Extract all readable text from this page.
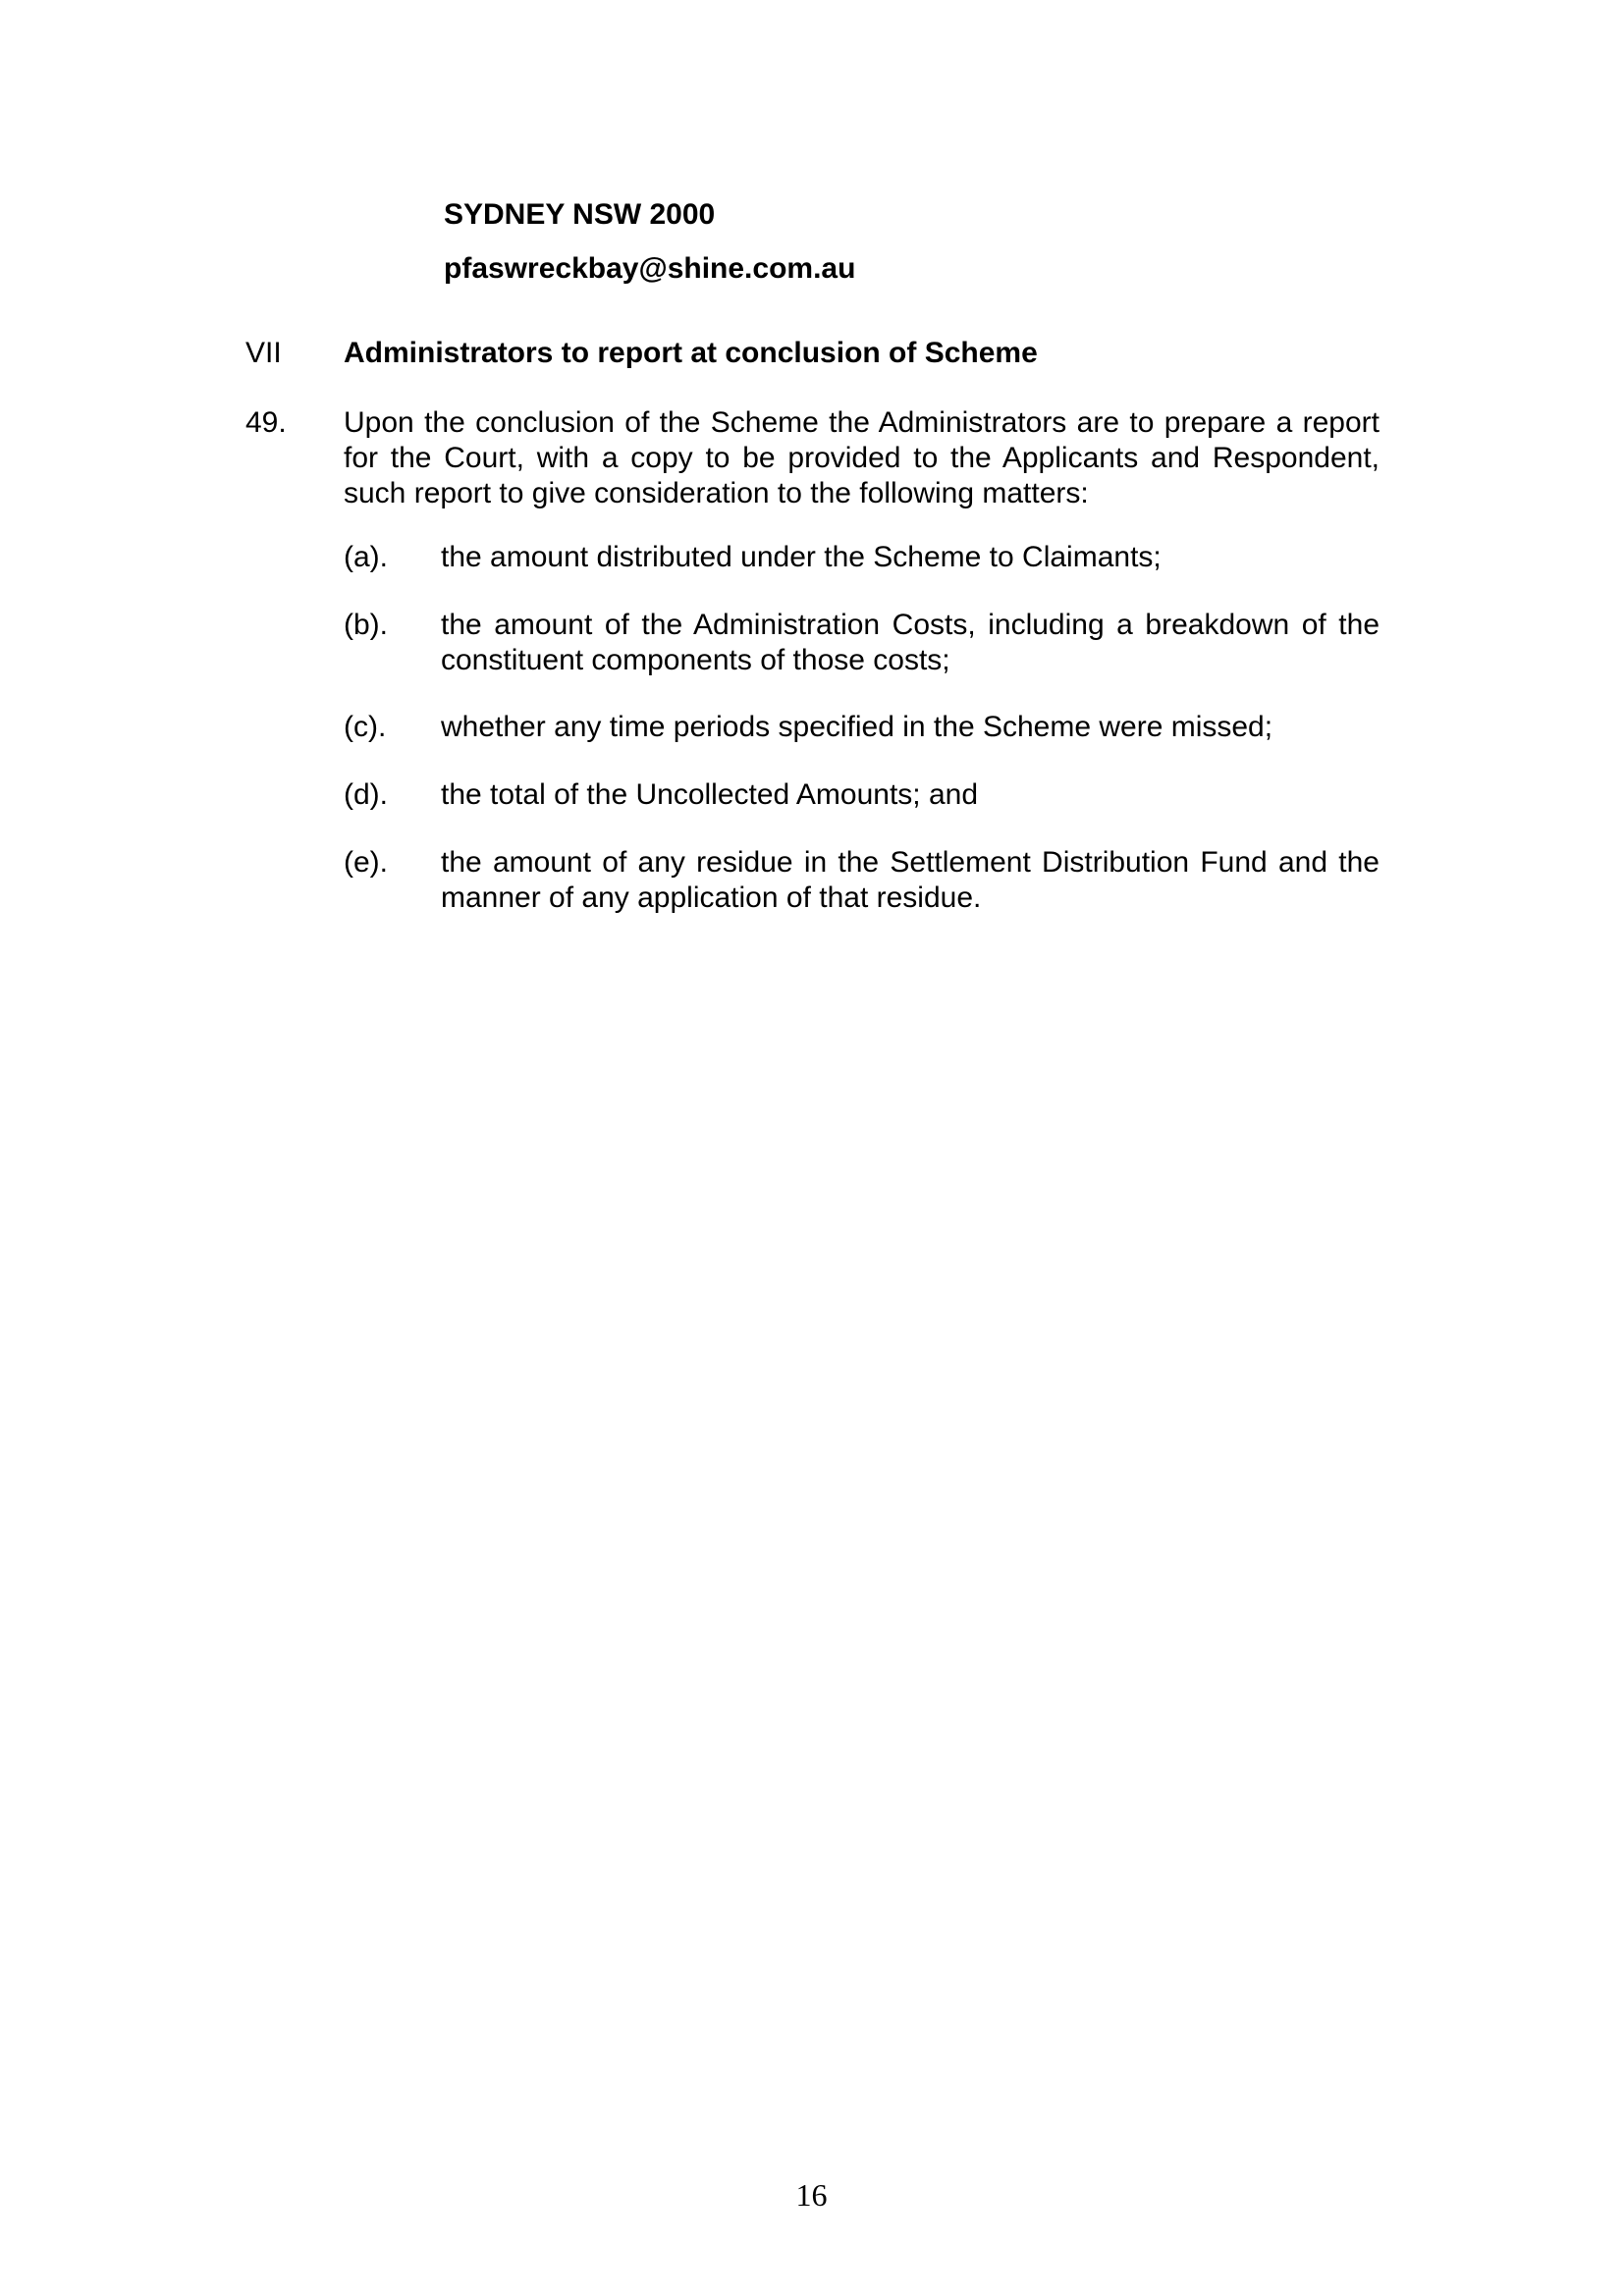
SYDNEY NSW 2000
pfaswreckbay@shine.com.au
VII Administrators to report at conclusion of Scheme
49. Upon the conclusion of the Scheme the Administrators are to prepare a report for the Court, with a copy to be provided to the Applicants and Respondent, such report to give consideration to the following matters:
(a). the amount distributed under the Scheme to Claimants;
(b). the amount of the Administration Costs, including a breakdown of the constituent components of those costs;
(c). whether any time periods specified in the Scheme were missed;
(d). the total of the Uncollected Amounts; and
(e). the amount of any residue in the Settlement Distribution Fund and the manner of any application of that residue.
16
